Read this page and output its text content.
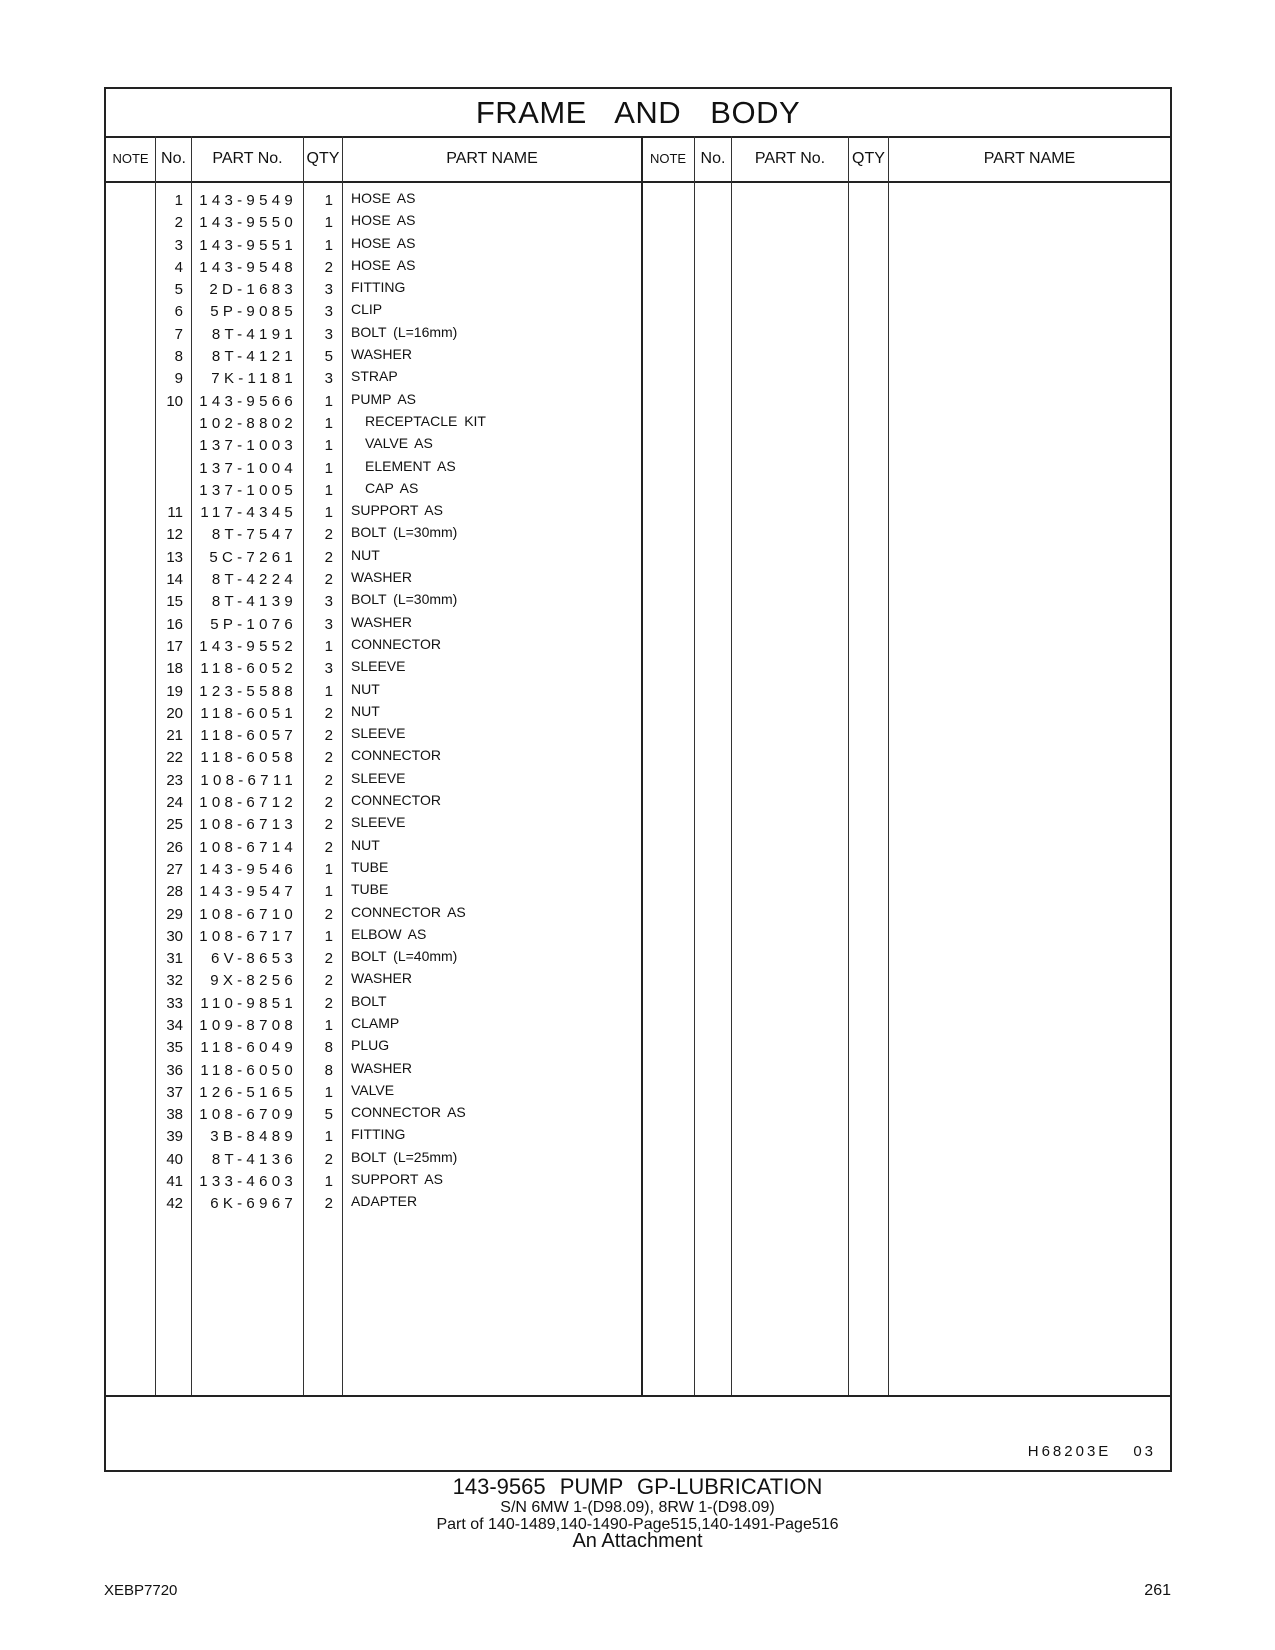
FRAME AND BODY
NOTE No.	PART No.	QTY	PART NAME	NOTE No.	PART No.	QTY	PART NAME
1	143-9549	1 HOSE AS
2	143-9550	1 HOSE AS
3	143-9551	1 HOSE AS
4	143-9548	2 HOSE AS
5	2D-1683	3 FITTING
6	5P-9085	3 CLIP
7	8T-4191	3 BOLT (L=16mm)
8	8T-4121	5 WASHER
9	7K-1181	3 STRAP
10	143-9566	1 PUMP AS
102-8802	1 RECEPTACLE KIT
137-1003	1 VALVE AS
137-1004	1 ELEMENT AS
137-1005	1 CAP AS
11	117-4345	1 SUPPORT AS
12	8T-7547	2 BOLT (L=30mm)
13	5C-7261	2 NUT
14	8T-4224	2 WASHER
15	8T-4139	3 BOLT (L=30mm)
16	5P-1076	3 WASHER
17	143-9552	1 CONNECTOR
18	118-6052	3 SLEEVE
19	123-5588	1 NUT
20	118-6051	2 NUT
21	118-6057	2 SLEEVE
22	118-6058	2 CONNECTOR
23	108-6711	2 SLEEVE
24	108-6712	2 CONNECTOR
25	108-6713	2 SLEEVE
26	108-6714	2 NUT
27	143-9546	1 TUBE
28	143-9547	1 TUBE
29	108-6710	2 CONNECTOR AS
30	108-6717	1 ELBOW AS
31	6V-8653	2 BOLT (L=40mm)
32	9X-8256	2 WASHER
33	110-9851	2 BOLT
34	109-8708	1 CLAMP
35	118-6049	8 PLUG
36	118-6050	8 WASHER
37	126-5165	1 VALVE
38	108-6709	5 CONNECTOR AS
39	3B-8489	1 FITTING
40	8T-4136	2 BOLT (L=25mm)
41	133-4603	1 SUPPORT AS
42	6K-6967	2 ADAPTER
H68203E 03
143-9565 PUMP GP-LUBRICATION
S/N 6MW 1-(D98.09), 8RW 1-(D98.09)
Part of 140-1489,140-1490-Page515,140-1491-Page516
An Attachment
XEBP7720	261
